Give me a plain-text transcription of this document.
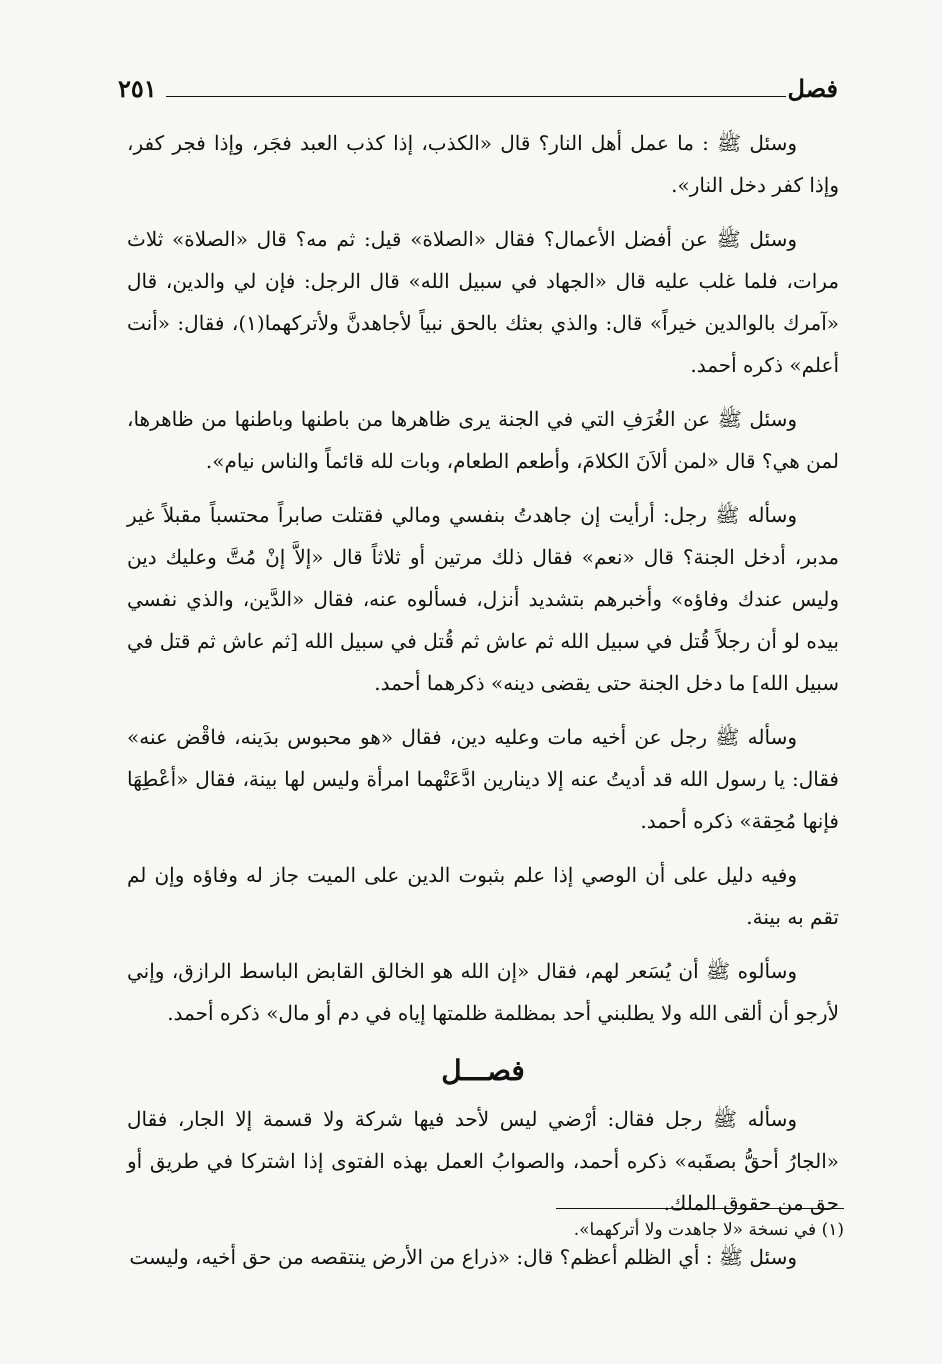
فصل
٢٥١

وسئل ﷺ : ما عمل أهل النار؟ قال «الكذب، إذا كذب العبد فجَر، وإذا فجر كفر، وإذا كفر دخل النار».

وسئل ﷺ عن أفضل الأعمال؟ فقال «الصلاة» قيل: ثم مه؟ قال «الصلاة» ثلاث مرات، فلما غلب عليه قال «الجهاد في سبيل الله» قال الرجل: فإن لي والدين، قال «آمرك بالوالدين خيراً» قال: والذي بعثك بالحق نبياً لأجاهدنَّ ولأتركهما(١)، فقال: «أنت أعلم» ذكره أحمد.

وسئل ﷺ عن الغُرَفِ التي في الجنة يرى ظاهرها من باطنها وباطنها من ظاهرها، لمن هي؟ قال «لمن ألاَنَ الكلامَ، وأطعم الطعام، وبات لله قائماً والناس نيام».

وسأله ﷺ رجل: أرأيت إن جاهدتُ بنفسي ومالي فقتلت صابراً محتسباً مقبلاً غير مدبر، أدخل الجنة؟ قال «نعم» فقال ذلك مرتين أو ثلاثاً قال «إلاَّ إنْ مُتَّ وعليك دين وليس عندك وفاؤه» وأخبرهم بتشديد أنزل، فسألوه عنه، فقال «الدَّين، والذي نفسي بيده لو أن رجلاً قُتل في سبيل الله ثم عاش ثم قُتل في سبيل الله [ثم عاش ثم قتل في سبيل الله] ما دخل الجنة حتى يقضى دينه» ذكرهما أحمد.

وسأله ﷺ رجل عن أخيه مات وعليه دين، فقال «هو محبوس بدَينه، فاقْض عنه» فقال: يا رسول الله قد أديتُ عنه إلا دينارين ادَّعَتْهما امرأة وليس لها بينة، فقال «أعْطِهَا فإنها مُحِقة» ذكره أحمد.

وفيه دليل على أن الوصي إذا علم بثبوت الدين على الميت جاز له وفاؤه وإن لم تقم به بينة.

وسألوه ﷺ أن يُسَعر لهم، فقال «إن الله هو الخالق القابض الباسط الرازق، وإني لأرجو أن ألقى الله ولا يطلبني أحد بمظلمة ظلمتها إياه في دم أو مال» ذكره أحمد.

فصـــل

وسأله ﷺ رجل فقال: أرْضي ليس لأحد فيها شركة ولا قسمة إلا الجار، فقال «الجارُ أحقُّ بصقَبه» ذكره أحمد، والصوابُ العمل بهذه الفتوى إذا اشتركا في طريق أو حق من حقوق الملك.

وسئل ﷺ : أي الظلم أعظم؟ قال: «ذراع من الأرض ينتقصه من حق أخيه، وليست

(١) في نسخة «لا جاهدت ولا أتركهما».
